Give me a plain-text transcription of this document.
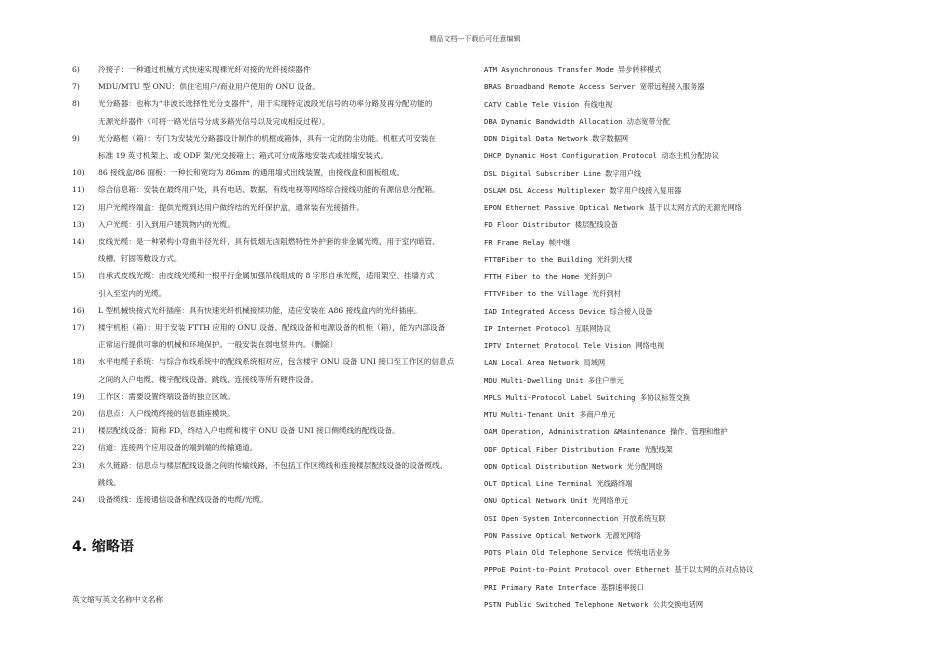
精品文档---下载后可任意编辑
6)	冷接子：一种通过机械方式快速实现裸光纤对接的光纤接续器件
7)	MDU/MTU 型 ONU：供住宅用户/商业用户使用的 ONU 设备。
8)	光分路器：也称为“非波长选择性光分支器件”，用于实现特定波段光信号的功率分路及再分配功能的
无源光纤器件（可将一路光信号分成多路光信号以及完成相反过程）。
9)	光分路框（箱）：专门为安装光分路器设计制作的机框或箱体，具有一定的防尘功能。机框式可安装在
标准 19 英寸机架上、或 ODF 架/光交接箱上；箱式可分成落地安装式或挂墙安装式。
10)	86 接线盒/86 面板：一种长和宽均为 86mm 的通用墙式出线装置，由接线盒和面板组成。
11)	综合信息箱：安装在最终用户处，具有电话、数据、有线电视等网络综合接线功能的有源信息分配箱。
12)	用户光缆终端盒：提供光缆到达用户做终结的光纤保护盒，通常装有光接插件。
13)	入户光缆：引入到用户建筑物内的光缆。
14)	皮线光缆：是一种紧构小弯曲半径光纤，具有低烟无卤阻燃特性外护套的非金属光缆，用于室内暗管、
线槽、钉固等敷设方式。
15)	自承式皮线光缆：由皮线光缆和一根平行金属加强吊线组成的 8 字形自承光缆，适用架空、挂墙方式
引入至室内的光缆。
16)	L 型机械快接式光纤插座：具有快速光纤机械接续功能，适应安装在 A86 接线盒内的光纤插座。
17)	楼宇机柜（箱）：用于安装 FTTH 应用的 ONU 设备、配线设备和电源设备的机柜（箱），能为内部设备
正常运行提供可靠的机械和环境保护。一般安装在弱电竖井内。（删除）
18)	水平电缆子系统：与综合布线系统中的配线系统相对应，包含楼宇 ONU 设备 UNI 接口至工作区的信息点
之间的入户电缆、楼宇配线设备、跳线、连接线等所有硬件设备。
19)	工作区：需要设置终端设备的独立区域。
20)	信息点：入户线缆终接的信息插座模块。
21)	楼层配线设备：简称 FD，终结入户电缆和楼宇 ONU 设备 UNI 接口侧缆线的配线设备。
22)	信道：连接两个应用设备的端到端的传输通道。
23)	永久链路：信息点与楼层配线设备之间的传输线路，不包括工作区缆线和连接楼层配线设备的设备缆线、
跳线。
24)	设备缆线：连接通信设备和配线设备的电缆/光缆。
4. 缩略语
英文缩写英文名称中文名称
ATM Asynchronous Transfer Mode 异步转移模式
BRAS Broadband Remote Access Server 宽带远程接入服务器
CATV Cable Tele Vision 有线电视
DBA Dynamic Bandwidth Allocation 动态宽带分配
DDN Digital Data Network 数字数据网
DHCP Dynamic Host Configuration Protocol 动态主机分配协议
DSL Digital Subscriber Line 数字用户线
DSLAM DSL Access Multiplexer 数字用户线接入复用器
EPON Ethernet Passive Optical Network 基于以太网方式的无源光网络
FD Floor Distributor 楼层配线设备
FR Frame Relay 帧中继
FTTBFiber to the Building 光纤到大楼
FTTH Fiber to the Home 光纤到户
FTTVFiber to the Village 光纤到村
IAD Integrated Access Device 综合接入设备
IP Internet Protocol 互联网协议
IPTV Internet Protocol Tele Vision 网络电视
LAN Local Area Network 局域网
MDU Multi-Dwelling Unit 多住户单元
MPLS Multi-Protocol Label Switching 多协议标签交换
MTU Multi-Tenant Unit 多商户单元
OAM Operation, Administration &Maintenance 操作、管理和维护
ODF Optical Fiber Distribution Frame 光配线架
ODN Optical Distribution Network 光分配网络
OLT Optical Line Terminal 光线路终端
ONU Optical Network Unit 光网络单元
OSI Open System Interconnection 开放系统互联
PON Passive Optical Network 无源光网络
POTS Plain Old Telephone Service 传统电话业务
PPPoE Point-to-Point Protocol over Ethernet 基于以太网的点对点协议
PRI Primary Rate Interface 基群速率接口
PSTN Public Switched Telephone Network 公共交换电话网
